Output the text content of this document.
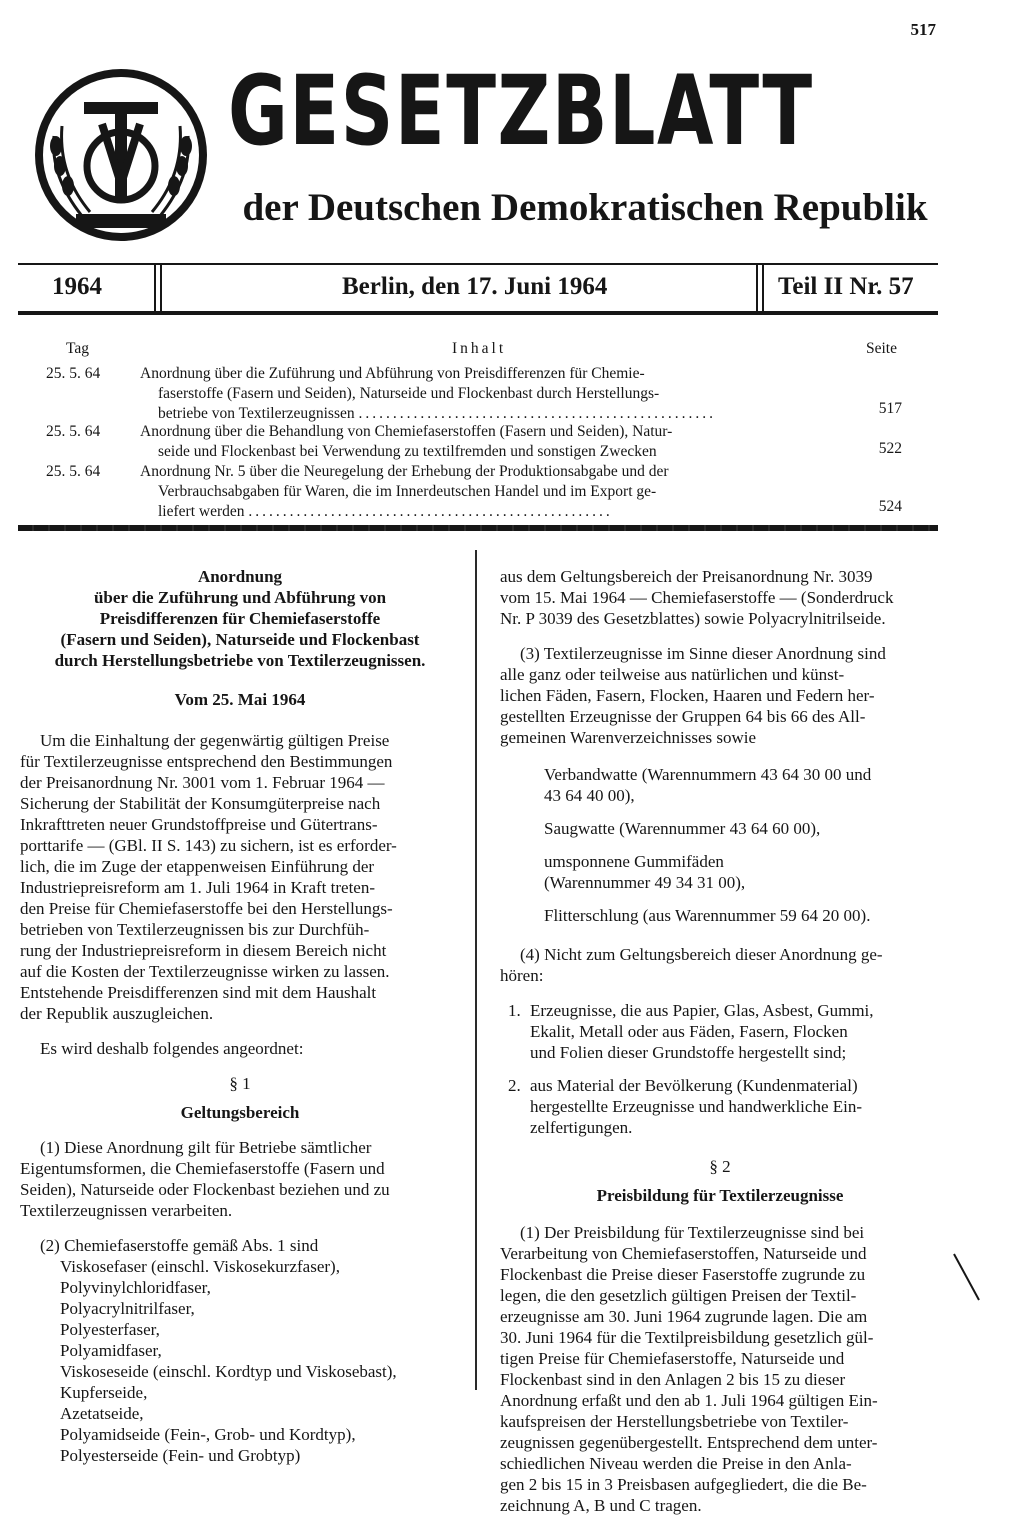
517
GESETZBLATT
der Deutschen Demokratischen Republik
1964	Berlin, den 17. Juni 1964	Teil II Nr. 57
Tag	Inhalt	Seite
25. 5. 64	Anordnung über die Zuführung und Abführung von Preisdifferenzen für Chemie-
faserstoffe (Fasern und Seiden), Naturseide und Flockenbast durch Herstellungs-
betriebe von Textilerzeugnissen ....................................................	517
25. 5. 64	Anordnung über die Behandlung von Chemiefaserstoffen (Fasern und Seiden), Natur-
seide und Flockenbast bei Verwendung zu textilfremden und sonstigen Zwecken	522
25. 5. 64	Anordnung Nr. 5 über die Neuregelung der Erhebung der Produktionsabgabe und der
Verbrauchsabgaben für Waren, die im Innerdeutschen Handel und im Export ge-
liefert werden .....................................................	524

Anordnung

über die Zuführung und Abführung von

Preisdifferenzen für Chemiefaserstoffe

(Fasern und Seiden), Naturseide und Flockenbast

durch Herstellungsbetriebe von Textilerzeugnissen.

Vom 25. Mai 1964

Um die Einhaltung der gegenwärtig gültigen Preise

für Textilerzeugnisse entsprechend den Bestimmungen

der Preisanordnung Nr. 3001 vom 1. Februar 1964 —

Sicherung der Stabilität der Konsumgüterpreise nach

Inkrafttreten neuer Grundstoffpreise und Gütertrans-

porttarife — (GBl. II S. 143) zu sichern, ist es erforder-

lich, die im Zuge der etappenweisen Einführung der

Industriepreisreform am 1. Juli 1964 in Kraft treten-

den Preise für Chemiefaserstoffe bei den Herstellungs-

betrieben von Textilerzeugnissen bis zur Durchfüh-

rung der Industriepreisreform in diesem Bereich nicht

auf die Kosten der Textilerzeugnisse wirken zu lassen.

Entstehende Preisdifferenzen sind mit dem Haushalt

der Republik auszugleichen.

Es wird deshalb folgendes angeordnet:

§ 1

Geltungsbereich

(1) Diese Anordnung gilt für Betriebe sämtlicher

Eigentumsformen, die Chemiefaserstoffe (Fasern und

Seiden), Naturseide oder Flockenbast beziehen und zu

Textilerzeugnissen verarbeiten.

(2) Chemiefaserstoffe gemäß Abs. 1 sind

Viskosefaser (einschl. Viskosekurzfaser),

Polyvinylchloridfaser,

Polyacrylnitrilfaser,

Polyesterfaser,

Polyamidfaser,

Viskoseseide (einschl. Kordtyp und Viskosebast),

Kupferseide,

Azetatseide,

Polyamidseide (Fein-, Grob- und Kordtyp),

Polyesterseide (Fein- und Grobtyp)

aus dem Geltungsbereich der Preisanordnung Nr. 3039

vom 15. Mai 1964 — Chemiefaserstoffe — (Sonderdruck

Nr. P 3039 des Gesetzblattes) sowie Polyacrylnitrilseide.

(3) Textilerzeugnisse im Sinne dieser Anordnung sind

alle ganz oder teilweise aus natürlichen und künst-

lichen Fäden, Fasern, Flocken, Haaren und Federn her-

gestellten Erzeugnisse der Gruppen 64 bis 66 des All-

gemeinen Warenverzeichnisses sowie

Verbandwatte (Warennummern 43 64 30 00 und

43 64 40 00),

Saugwatte (Warennummer 43 64 60 00),

umsponnene Gummifäden

(Warennummer 49 34 31 00),

Flitterschlung (aus Warennummer 59 64 20 00).

(4) Nicht zum Geltungsbereich dieser Anordnung ge-

hören:

1. Erzeugnisse, die aus Papier, Glas, Asbest, Gummi,

Ekalit, Metall oder aus Fäden, Fasern, Flocken

und Folien dieser Grundstoffe hergestellt sind;

2. aus Material der Bevölkerung (Kundenmaterial)

hergestellte Erzeugnisse und handwerkliche Ein-

zelfertigungen.

§ 2

Preisbildung für Textilerzeugnisse

(1) Der Preisbildung für Textilerzeugnisse sind bei

Verarbeitung von Chemiefaserstoffen, Naturseide und

Flockenbast die Preise dieser Faserstoffe zugrunde zu

legen, die den gesetzlich gültigen Preisen der Textil-

erzeugnisse am 30. Juni 1964 zugrunde lagen. Die am

30. Juni 1964 für die Textilpreisbildung gesetzlich gül-

tigen Preise für Chemiefaserstoffe, Naturseide und

Flockenbast sind in den Anlagen 2 bis 15 zu dieser

Anordnung erfaßt und den ab 1. Juli 1964 gültigen Ein-

kaufspreisen der Herstellungsbetriebe von Textiler-

zeugnissen gegenübergestellt. Entsprechend dem unter-

schiedlichen Niveau werden die Preise in den Anla-

gen 2 bis 15 in 3 Preisbasen aufgegliedert, die die Be-

zeichnung A, B und C tragen.
